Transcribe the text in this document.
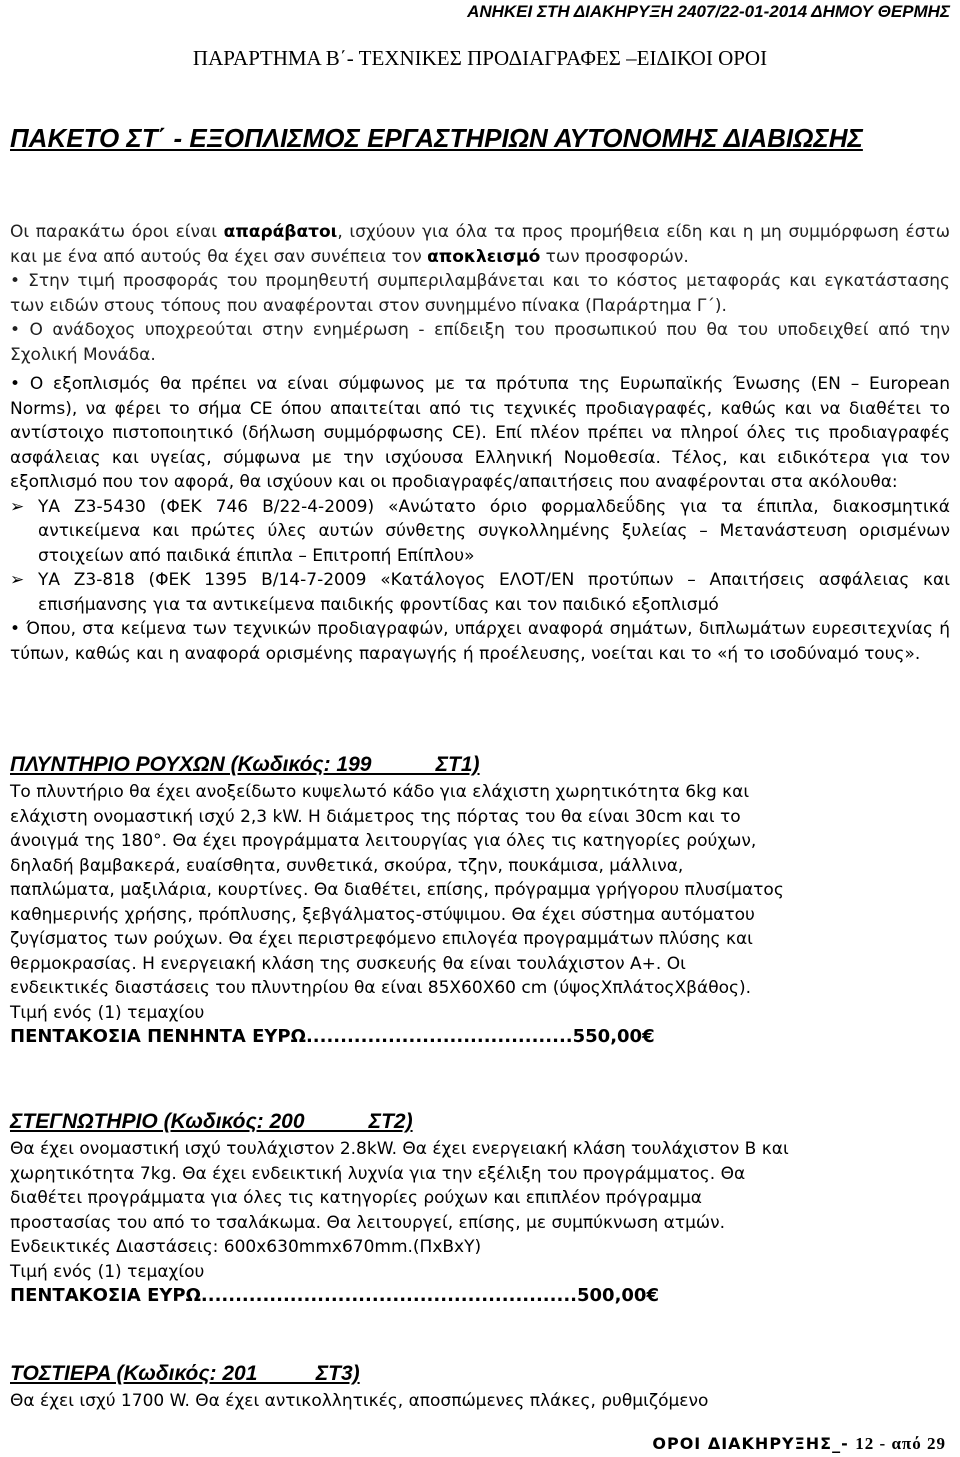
ΑΝΗΚΕΙ ΣΤΗ ΔΙΑΚΗΡΥΞΗ 2407/22-01-2014 ΔΗΜΟΥ ΘΕΡΜΗΣ
ΠΑΡΑΡΤΗΜΑ Β΄- ΤΕΧΝΙΚΕΣ ΠΡΟΔΙΑΓΡΑΦΕΣ –ΕΙΔΙΚΟΙ ΟΡΟΙ
ΠΑΚΕΤΟ ΣΤ΄ - ΕΞΟΠΛΙΣΜΟΣ ΕΡΓΑΣΤΗΡΙΩΝ ΑΥΤΟΝΟΜΗΣ ΔΙΑΒΙΩΣΗΣ

Οι παρακάτω όροι είναι απαράβατοι, ισχύουν για όλα τα προς προμήθεια είδη και η μη συμμόρφωση έστω και με ένα από αυτούς θα έχει σαν συνέπεια τον αποκλεισμό των προσφορών.

• Στην τιμή προσφοράς του προμηθευτή συμπεριλαμβάνεται και το κόστος μεταφοράς και εγκατάστασης των ειδών στους τόπους που αναφέρονται στον συνημμένο πίνακα (Παράρτημα Γ΄).

• Ο ανάδοχος υποχρεούται στην ενημέρωση - επίδειξη του προσωπικού που θα του υποδειχθεί από την Σχολική Μονάδα.

• Ο εξοπλισμός θα πρέπει να είναι σύμφωνος με τα πρότυπα της Ευρωπαϊκής Ένωσης (EN – European Norms), να φέρει το σήμα CE όπου απαιτείται από τις τεχνικές προδιαγραφές, καθώς και να διαθέτει το αντίστοιχο πιστοποιητικό (δήλωση συμμόρφωσης CE). Επί πλέον πρέπει να πληροί όλες τις προδιαγραφές ασφάλειας και υγείας, σύμφωνα με την ισχύουσα Ελληνική Νομοθεσία. Τέλος, και ειδικότερα για τον εξοπλισμό που τον αφορά, θα ισχύουν και οι προδιαγραφές/απαιτήσεις που αναφέρονται στα ακόλουθα:

➢ ΥΑ Ζ3-5430 (ΦΕΚ 746 Β/22-4-2009) «Ανώτατο όριο φορμαλδεΰδης για τα έπιπλα, διακοσμητικά αντικείμενα και πρώτες ύλες αυτών σύνθετης συγκολλημένης ξυλείας – Μετανάστευση ορισμένων στοιχείων από παιδικά έπιπλα – Επιτροπή Επίπλου»
➢ ΥΑ Ζ3-818 (ΦΕΚ 1395 Β/14-7-2009 «Κατάλογος ΕΛΟΤ/ΕΝ προτύπων – Απαιτήσεις ασφάλειας και επισήμανσης για τα αντικείμενα παιδικής φροντίδας και τον παιδικό εξοπλισμό

• Όπου, στα κείμενα των τεχνικών προδιαγραφών, υπάρχει αναφορά σημάτων, διπλωμάτων ευρεσιτεχνίας ή τύπων, καθώς και η αναφορά ορισμένης παραγωγής ή προέλευσης, νοείται και το «ή το ισοδύναμό τους».

ΠΛΥΝΤΗΡΙΟ ΡΟΥΧΩΝ (Κωδικός: 199           ΣΤ1)

Το πλυντήριο θα έχει ανοξείδωτο κυψελωτό κάδο για ελάχιστη χωρητικότητα 6kg και ελάχιστη ονομαστική ισχύ 2,3 kW. Η διάμετρος της πόρτας του θα είναι 30cm και το άνοιγμά της 180°. Θα έχει προγράμματα λειτουργίας για όλες τις κατηγορίες ρούχων, δηλαδή βαμβακερά, ευαίσθητα, συνθετικά, σκούρα, τζην, πουκάμισα, μάλλινα, παπλώματα, μαξιλάρια, κουρτίνες. Θα διαθέτει, επίσης, πρόγραμμα γρήγορου πλυσίματος καθημερινής χρήσης, πρόπλυσης, ξεβγάλματος-στύψιμου. Θα έχει σύστημα αυτόματου ζυγίσματος των ρούχων. Θα έχει περιστρεφόμενο επιλογέα προγραμμάτων πλύσης και θερμοκρασίας. Η ενεργειακή κλάση της συσκευής θα είναι τουλάχιστον Α+. Οι ενδεικτικές διαστάσεις του πλυντηρίου θα είναι 85Χ60Χ60 cm (ύψοςΧπλάτοςΧβάθος).

Τιμή ενός (1) τεμαχίου

ΠΕΝΤΑΚΟΣΙΑ ΠΕΝΗΝΤΑ ΕΥΡΩ ....................................... 550,00€
ΣΤΕΓΝΩΤΗΡΙΟ (Κωδικός: 200           ΣΤ2)

Θα έχει ονομαστική ισχύ τουλάχιστον 2.8kW. Θα έχει ενεργειακή κλάση τουλάχιστον Β και χωρητικότητα 7kg. Θα έχει ενδεικτική λυχνία για την εξέλιξη του προγράμματος. Θα διαθέτει προγράμματα για όλες τις κατηγορίες ρούχων και επιπλέον πρόγραμμα προστασίας του από το τσαλάκωμα. Θα λειτουργεί, επίσης, με συμπύκνωση ατμών. Ενδεικτικές Διαστάσεις: 600x630mmx670mm.(ΠxΒxΥ)

Τιμή ενός (1) τεμαχίου

ΠΕΝΤΑΚΟΣΙΑ ΕΥΡΩ ....................................................... 500,00€
ΤΟΣΤΙΕΡΑ (Κωδικός: 201          ΣΤ3)

Θα έχει ισχύ 1700 W. Θα έχει αντικολλητικές, αποσπώμενες πλάκες, ρυθμιζόμενο

ΟΡΟΙ ΔΙΑΚΗΡΥΞΗΣ_- 12 - από 29
